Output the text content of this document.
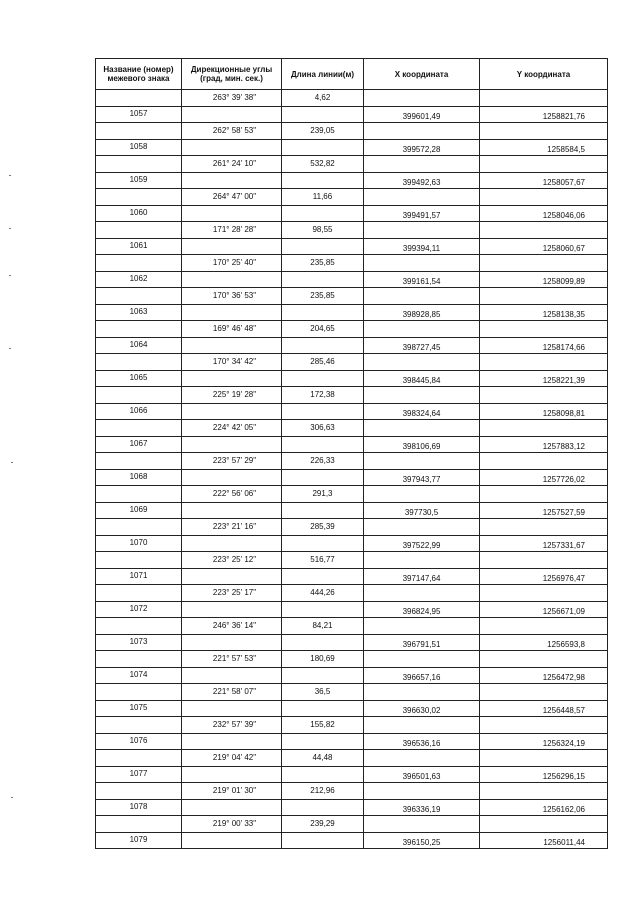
Название (номер) межевого знака	Дирекционные углы (град, мин. сек.)	Длина линии(м)	X координата	Y координата
	263° 39' 38"	4,62		
1057			399601,49	1258821,76
	262° 58' 53"	239,05		
1058			399572,28	1258584,5
	261° 24' 10"	532,82		
1059			399492,63	1258057,67
	264° 47' 00"	11,66		
1060			399491,57	1258046,06
	171° 28' 28"	98,55		
1061			399394,11	1258060,67
	170° 25' 40"	235,85		
1062			399161,54	1258099,89
	170° 36' 53"	235,85		
1063			398928,85	1258138,35
	169° 46' 48"	204,65		
1064			398727,45	1258174,66
	170° 34' 42"	285,46		
1065			398445,84	1258221,39
	225° 19' 28"	172,38		
1066			398324,64	1258098,81
	224° 42' 05"	306,63		
1067			398106,69	1257883,12
	223° 57' 29"	226,33		
1068			397943,77	1257726,02
	222° 56' 06"	291,3		
1069			397730,5	1257527,59
	223° 21' 16"	285,39		
1070			397522,99	1257331,67
	223° 25' 12"	516,77		
1071			397147,64	1256976,47
	223° 25' 17"	444,26		
1072			396824,95	1256671,09
	246° 36' 14"	84,21		
1073			396791,51	1256593,8
	221° 57' 53"	180,69		
1074			396657,16	1256472,98
	221° 58' 07"	36,5		
1075			396630,02	1256448,57
	232° 57' 39"	155,82		
1076			396536,16	1256324,19
	219° 04' 42"	44,48		
1077			396501,63	1256296,15
	219° 01' 30"	212,96		
1078			396336,19	1256162,06
	219° 00' 33"	239,29		
1079			396150,25	1256011,44
